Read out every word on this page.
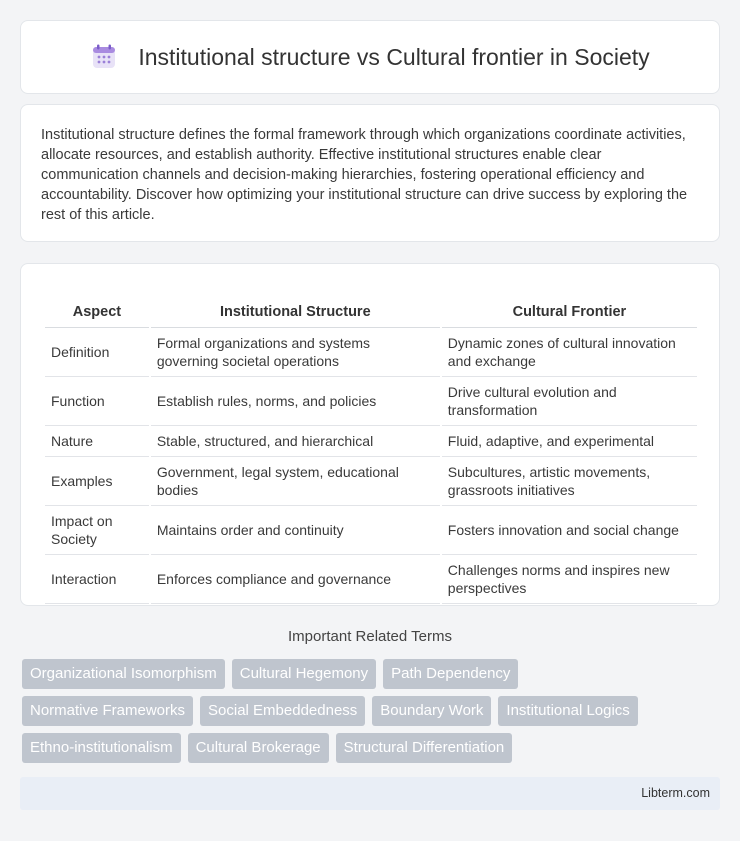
Institutional structure vs Cultural frontier in Society

Institutional structure defines the formal framework through which organizations coordinate activities, allocate resources, and establish authority. Effective institutional structures enable clear communication channels and decision-making hierarchies, fostering operational efficiency and accountability. Discover how optimizing your institutional structure can drive success by exploring the rest of this article.

Aspect	Institutional Structure	Cultural Frontier
Definition	Formal organizations and systems governing societal operations	Dynamic zones of cultural innovation and exchange
Function	Establish rules, norms, and policies	Drive cultural evolution and transformation
Nature	Stable, structured, and hierarchical	Fluid, adaptive, and experimental
Examples	Government, legal system, educational bodies	Subcultures, artistic movements, grassroots initiatives
Impact on Society	Maintains order and continuity	Fosters innovation and social change
Interaction	Enforces compliance and governance	Challenges norms and inspires new perspectives
Important Related Terms
Organizational Isomorphism	Cultural Hegemony	Path Dependency
Normative Frameworks	Social Embeddedness	Boundary Work	Institutional Logics
Ethno-institutionalism	Cultural Brokerage	Structural Differentiation
Libterm.com
